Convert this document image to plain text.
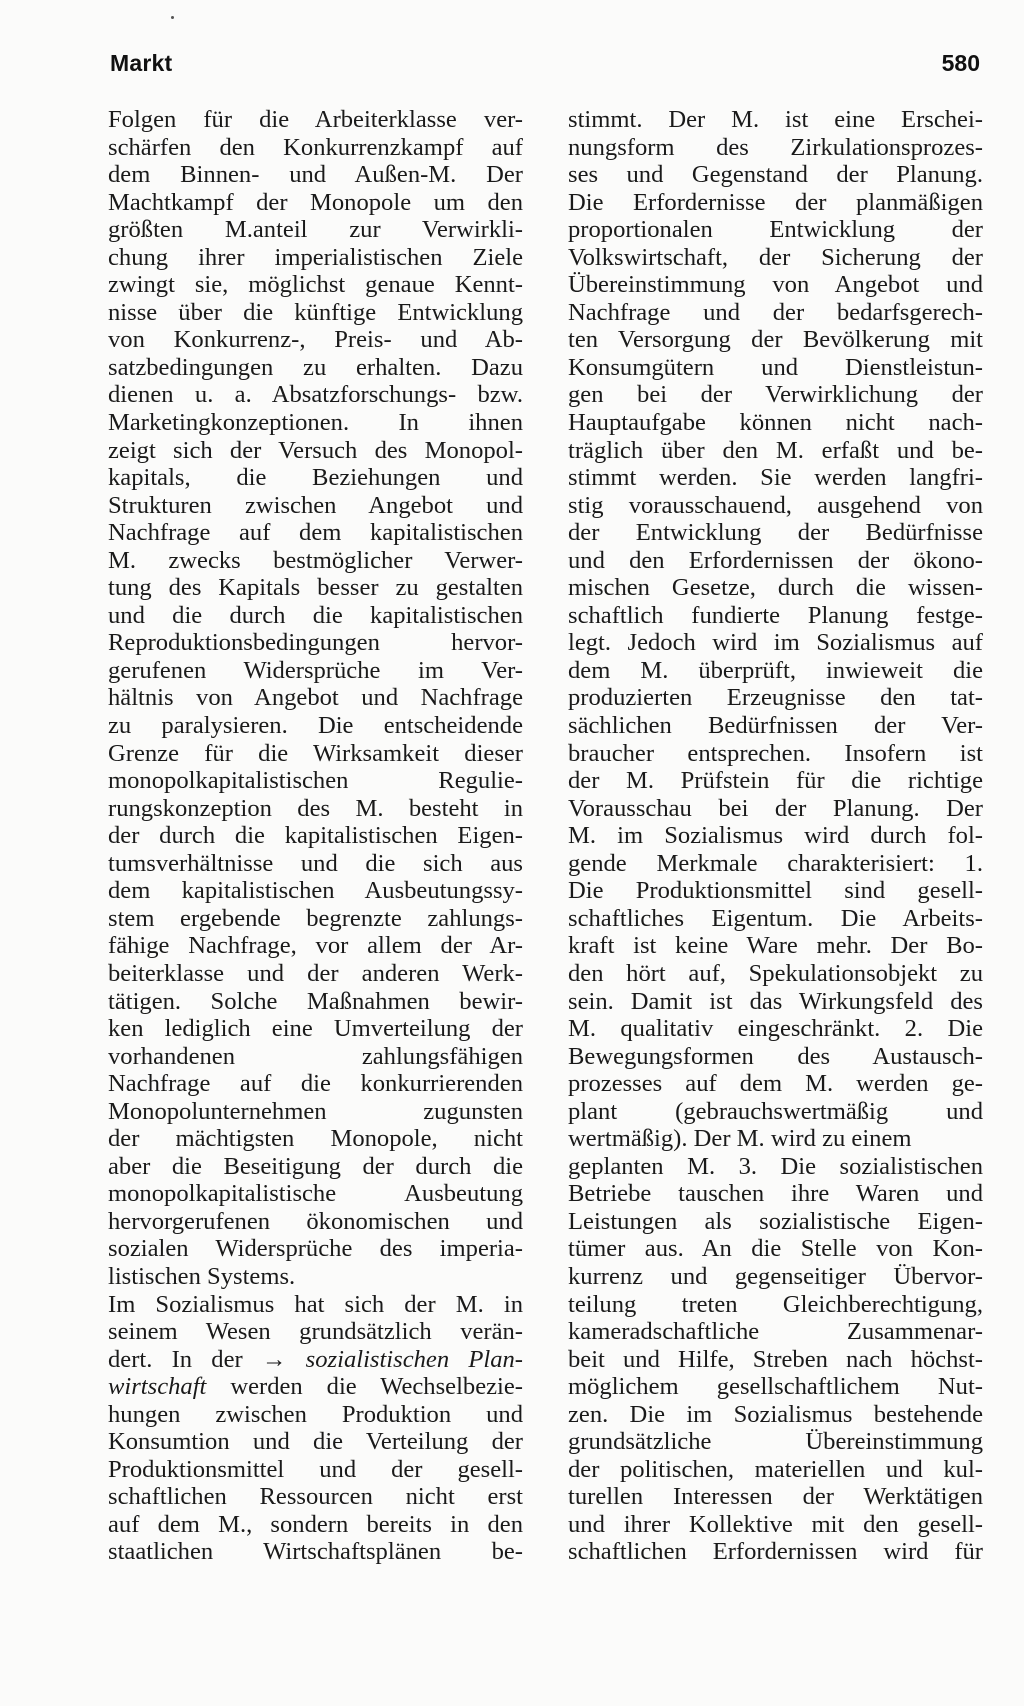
Markt	580
Folgen für die Arbeiterklasse ver-
schärfen den Konkurrenzkampf auf
dem Binnen- und Außen-M. Der
Machtkampf der Monopole um den
größten M.anteil zur Verwirkli-
chung ihrer imperialistischen Ziele
zwingt sie, möglichst genaue Kennt-
nisse über die künftige Entwicklung
von Konkurrenz-, Preis- und Ab-
satzbedingungen zu erhalten. Dazu
dienen u. a. Absatzforschungs- bzw.
Marketingkonzeptionen. In ihnen
zeigt sich der Versuch des Monopol-
kapitals, die Beziehungen und
Strukturen zwischen Angebot und
Nachfrage auf dem kapitalistischen
M. zwecks bestmöglicher Verwer-
tung des Kapitals besser zu gestalten
und die durch die kapitalistischen
Reproduktionsbedingungen hervor-
gerufenen Widersprüche im Ver-
hältnis von Angebot und Nachfrage
zu paralysieren. Die entscheidende
Grenze für die Wirksamkeit dieser
monopolkapitalistischen Regulie-
rungskonzeption des M. besteht in
der durch die kapitalistischen Eigen-
tumsverhältnisse und die sich aus
dem kapitalistischen Ausbeutungssy-
stem ergebende begrenzte zahlungs-
fähige Nachfrage, vor allem der Ar-
beiterklasse und der anderen Werk-
tätigen. Solche Maßnahmen bewir-
ken lediglich eine Umverteilung der
vorhandenen zahlungsfähigen
Nachfrage auf die konkurrierenden
Monopolunternehmen zugunsten
der mächtigsten Monopole, nicht
aber die Beseitigung der durch die
monopolkapitalistische Ausbeutung
hervorgerufenen ökonomischen und
sozialen Widersprüche des imperia-
listischen Systems.
Im Sozialismus hat sich der M. in
seinem Wesen grundsätzlich verän-
dert. In der → sozialistischen Plan-
wirtschaft werden die Wechselbezie-
hungen zwischen Produktion und
Konsumtion und die Verteilung der
Produktionsmittel und der gesell-
schaftlichen Ressourcen nicht erst
auf dem M., sondern bereits in den
staatlichen Wirtschaftsplänen be-
stimmt. Der M. ist eine Erschei-
nungsform des Zirkulationsprozes-
ses und Gegenstand der Planung.
Die Erfordernisse der planmäßigen
proportionalen Entwicklung der
Volkswirtschaft, der Sicherung der
Übereinstimmung von Angebot und
Nachfrage und der bedarfsgerech-
ten Versorgung der Bevölkerung mit
Konsumgütern und Dienstleistun-
gen bei der Verwirklichung der
Hauptaufgabe können nicht nach-
träglich über den M. erfaßt und be-
stimmt werden. Sie werden langfri-
stig vorausschauend, ausgehend von
der Entwicklung der Bedürfnisse
und den Erfordernissen der ökono-
mischen Gesetze, durch die wissen-
schaftlich fundierte Planung festge-
legt. Jedoch wird im Sozialismus auf
dem M. überprüft, inwieweit die
produzierten Erzeugnisse den tat-
sächlichen Bedürfnissen der Ver-
braucher entsprechen. Insofern ist
der M. Prüfstein für die richtige
Vorausschau bei der Planung. Der
M. im Sozialismus wird durch fol-
gende Merkmale charakterisiert: 1.
Die Produktionsmittel sind gesell-
schaftliches Eigentum. Die Arbeits-
kraft ist keine Ware mehr. Der Bo-
den hört auf, Spekulationsobjekt zu
sein. Damit ist das Wirkungsfeld des
M. qualitativ eingeschränkt. 2. Die
Bewegungsformen des Austausch-
prozesses auf dem M. werden ge-
plant (gebrauchswertmäßig und
wertmäßig). Der M. wird zu einem
geplanten M. 3. Die sozialistischen
Betriebe tauschen ihre Waren und
Leistungen als sozialistische Eigen-
tümer aus. An die Stelle von Kon-
kurrenz und gegenseitiger Übervor-
teilung treten Gleichberechtigung,
kameradschaftliche Zusammenar-
beit und Hilfe, Streben nach höchst-
möglichem gesellschaftlichem Nut-
zen. Die im Sozialismus bestehende
grundsätzliche Übereinstimmung
der politischen, materiellen und kul-
turellen Interessen der Werktätigen
und ihrer Kollektive mit den gesell-
schaftlichen Erfordernissen wird für
